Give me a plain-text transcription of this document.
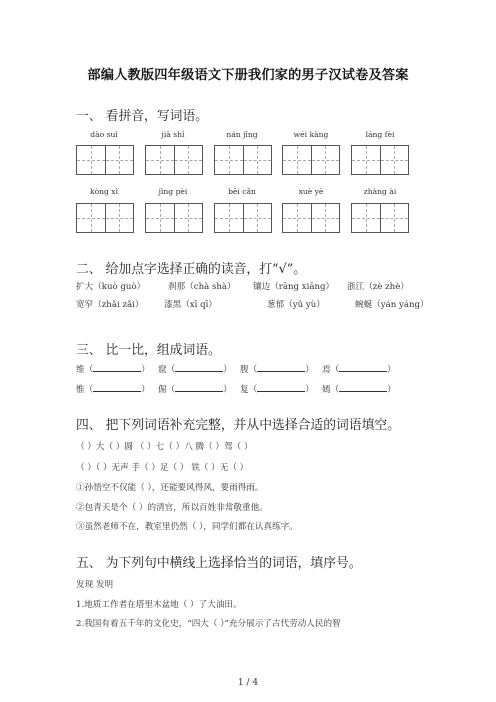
部编人教版四年级语文下册我们家的男子汉试卷及答案
一、 看拼音，写词语。
dào suì	jiā shǐ	nán jīng	wéi kàng	láng fèi
kòng xì	jìng pèi	bēi cǎn	xuè yè	zhàng ài
二、 给加点字选择正确的读音，打“√”。
扩大（kuò guò）	刹那（chà shà） 镶边（rāng xiāng） 浙江（zè zhè）
宽窄（zhǎi zǎi） 漆黑（xī qī）	葱郁（yǔ yù）	蜿蜒（yán yáng）
三、 比一比，组成词语。
维（	） 窟（	） 腹（	） 焉（	）
惟（	） 倔（	） 复（	） 嫣（	）
四、 把下列词语补充完整，并从中选择合适的词语填空。
（ ）大（ ）圆 （ ）七（ ）八 腾（ ）驾（ ）
（ ）（ ）无声 手（ ）足（ ） 铁（ ）无（ ）
①孙悟空不仅能（ ），还能要风得风，要雨得雨。
②包青天是个（ ）的清官，所以百姓非常敬重他。
③虽然老师不在，教室里仍然（ ），同学们都在认真练字。
五、 为下列句中横线上选择恰当的词语，填序号。
发现 发明
1.地质工作者在塔里木盆地（ ）了大油田。
2.我国有着五千年的文化史，“四大（ ）”充分展示了古代劳动人民的智
1 / 4
